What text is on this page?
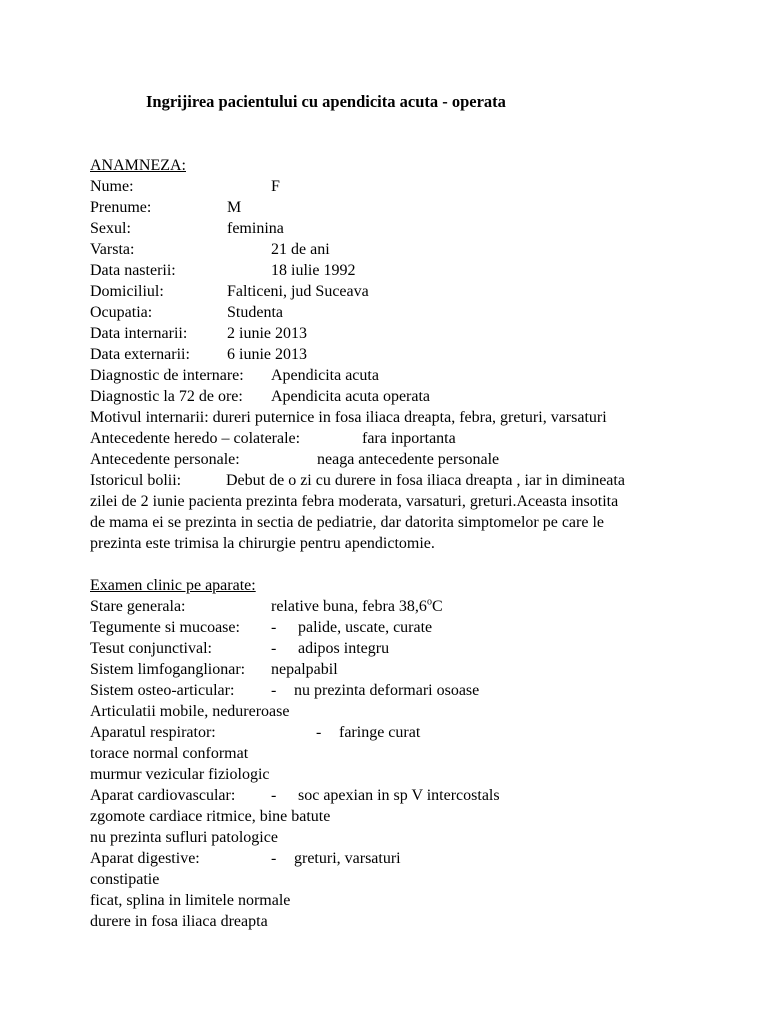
Ingrijirea pacientului cu apendicita acuta - operata
ANAMNEZA:
Nume:	F
Prenume:	M
Sexul:	feminina
Varsta:	21 de ani
Data nasterii:	18 iulie 1992
Domiciliul:	Falticeni, jud Suceava
Ocupatia:	Studenta
Data internarii: 2 iunie 2013
Data externarii: 6 iunie 2013
Diagnostic de internare: Apendicita acuta
Diagnostic la 72 de ore: Apendicita acuta operata
Motivul internarii: dureri puternice in fosa iliaca dreapta, febra, greturi, varsaturi
Antecedente heredo – colaterale:	fara inportanta
Antecedente personale:	neaga antecedente personale
Istoricul bolii:	Debut de o zi cu durere in fosa iliaca dreapta , iar in dimineata
zilei de 2 iunie pacienta prezinta febra moderata, varsaturi, greturi.Aceasta insotita
de mama ei se prezinta in sectia de pediatrie, dar datorita simptomelor pe care le
prezinta este trimisa la chirurgie pentru apendictomie.
Examen clinic pe aparate:
Stare generala:	relative buna, febra 38,6$^o$C
Tegumente si mucoase: - palide, uscate, curate
Tesut conjunctival:	- adipos integru
Sistem limfoganglionar: nepalpabil
Sistem osteo-articular: - nu prezinta deformari osoase
Articulatii mobile, nedureroase
Aparatul respirator:	- faringe curat
torace normal conformat
murmur vezicular fiziologic
Aparat cardiovascular: - soc apexian in sp V intercostals
zgomote cardiace ritmice, bine batute
nu prezinta sufluri patologice
Aparat digestive:	- greturi, varsaturi
constipatie
ficat, splina in limitele normale
durere in fosa iliaca dreapta
